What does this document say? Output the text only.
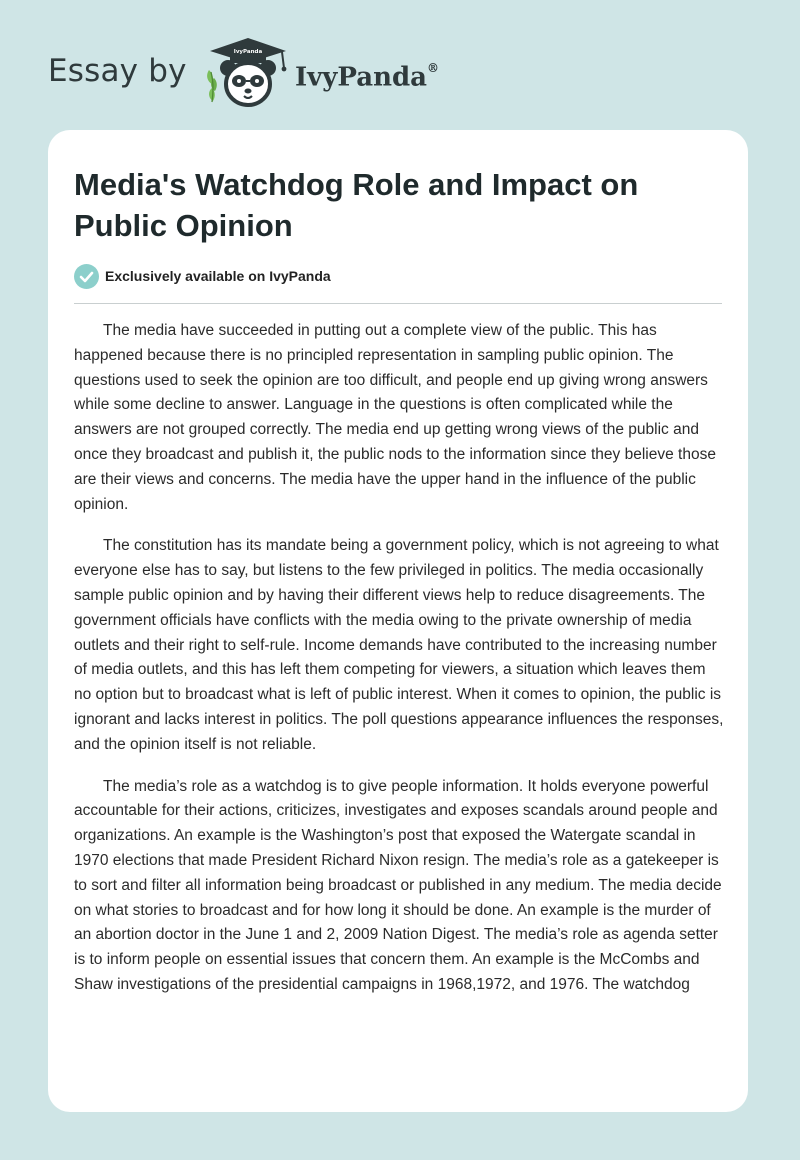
Essay by
IvyPanda
IvyPanda®
Media's Watchdog Role and Impact on Public Opinion
Exclusively available on IvyPanda

The media have succeeded in putting out a complete view of the public. This has happened because there is no principled representation in sampling public opinion. The questions used to seek the opinion are too difficult, and people end up giving wrong answers while some decline to answer. Language in the questions is often complicated while the answers are not grouped correctly. The media end up getting wrong views of the public and once they broadcast and publish it, the public nods to the information since they believe those are their views and concerns. The media have the upper hand in the influence of the public opinion.

The constitution has its mandate being a government policy, which is not agreeing to what everyone else has to say, but listens to the few privileged in politics. The media occasionally sample public opinion and by having their different views help to reduce disagreements. The government officials have conflicts with the media owing to the private ownership of media outlets and their right to self-rule. Income demands have contributed to the increasing number of media outlets, and this has left them competing for viewers, a situation which leaves them no option but to broadcast what is left of public interest. When it comes to opinion, the public is ignorant and lacks interest in politics. The poll questions appearance influences the responses, and the opinion itself is not reliable.

The media’s role as a watchdog is to give people information. It holds everyone powerful accountable for their actions, criticizes, investigates and exposes scandals around people and organizations. An example is the Washington’s post that exposed the Watergate scandal in 1970 elections that made President Richard Nixon resign. The media’s role as a gatekeeper is to sort and filter all information being broadcast or published in any medium. The media decide on what stories to broadcast and for how long it should be done. An example is the murder of an abortion doctor in the June 1 and 2, 2009 Nation Digest. The media’s role as agenda setter is to inform people on essential issues that concern them. An example is the McCombs and Shaw investigations of the presidential campaigns in 1968,1972, and 1976. The watchdog
